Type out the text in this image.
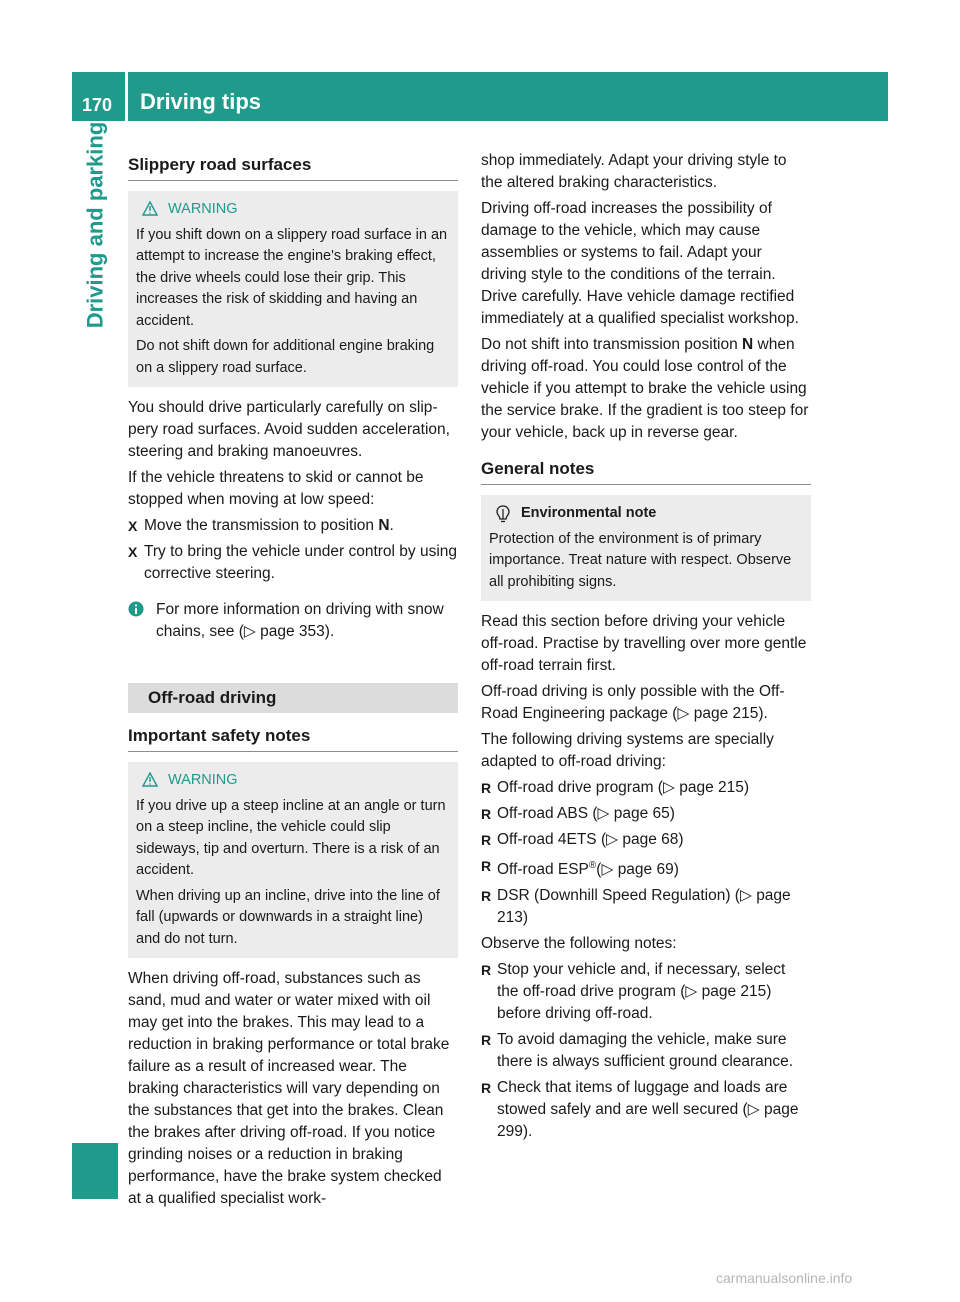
170	Driving tips
Driving and parking Slippery road surfaces
WARNING

If you shift down on a slippery road surface in an attempt to increase the engine's braking effect, the drive wheels could lose their grip. This increases the risk of skidding and having an accident.

Do not shift down for additional engine braking on a slippery road surface.

You should drive particularly carefully on slippery road surfaces. Avoid sudden acceleration, steering and braking manoeuvres.

If the vehicle threatens to skid or cannot be stopped when moving at low speed:

X Move the transmission to position N.
X Try to bring the vehicle under control by using corrective steering.
For more information on driving with snow chains, see (▷ page 353).
Off-road driving
Important safety notes
WARNING

If you drive up a steep incline at an angle or turn on a steep incline, the vehicle could slip sideways, tip and overturn. There is a risk of an accident.

When driving up an incline, drive into the line of fall (upwards or downwards in a straight line) and do not turn.

When driving off-road, substances such as sand, mud and water or water mixed with oil may get into the brakes. This may lead to a reduction in braking performance or total brake failure as a result of increased wear. The braking characteristics will vary depending on the substances that get into the brakes. Clean the brakes after driving off-road. If you notice grinding noises or a reduction in braking performance, have the brake system checked at a qualified specialist work-

shop immediately. Adapt your driving style to the altered braking characteristics.

Driving off-road increases the possibility of damage to the vehicle, which may cause assemblies or systems to fail. Adapt your driving style to the conditions of the terrain. Drive carefully. Have vehicle damage rectified immediately at a qualified specialist workshop.

Do not shift into transmission position N when driving off-road. You could lose control of the vehicle if you attempt to brake the vehicle using the service brake. If the gradient is too steep for your vehicle, back up in reverse gear.

General notes
Environmental note

Protection of the environment is of primary importance. Treat nature with respect. Observe all prohibiting signs.

Read this section before driving your vehicle off-road. Practise by travelling over more gentle off-road terrain first.

Off-road driving is only possible with the Off-Road Engineering package (▷ page 215).

The following driving systems are specially adapted to off-road driving:

R Off-road drive program (▷ page 215)
R Off-road ABS (▷ page 65)
R Off-road 4ETS (▷ page 68)
R Off-road ESP®(▷ page 69)
R DSR (Downhill Speed Regulation) (▷ page 213)

Observe the following notes:

R Stop your vehicle and, if necessary, select the off-road drive program (▷ page 215) before driving off-road.
R To avoid damaging the vehicle, make sure there is always sufficient ground clearance.
R Check that items of luggage and loads are stowed safely and are well secured (▷ page 299).
carmanualsonline.info
